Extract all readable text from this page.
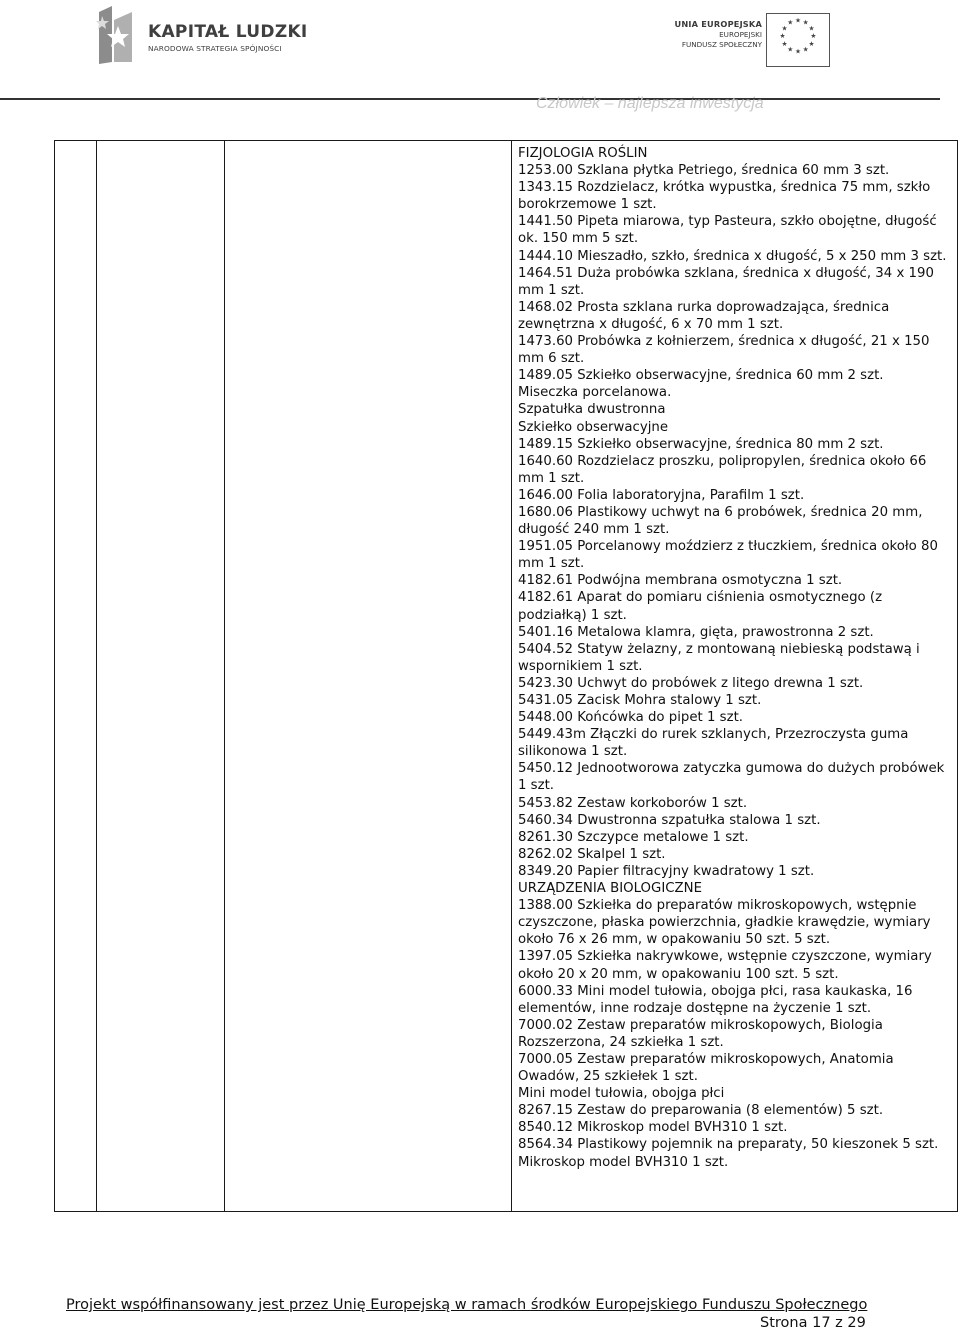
KAPITAŁ LUDZKI
NARODOWA STRATEGIA SPÓJNOŚCI
UNIA EUROPEJSKA
EUROPEJSKI
FUNDUSZ SPOŁECZNY
★ ★
★
★
★
★
★
★
★
★
★
★
Człowiek – najlepsza inwestycja
FIZJOLOGIA ROŚLIN
1253.00 Szklana płytka Petriego, średnica 60 mm 3 szt.
1343.15 Rozdzielacz, krótka wypustka, średnica 75 mm, szkło borokrzemowe 1 szt.
1441.50 Pipeta miarowa, typ Pasteura, szkło obojętne, długość ok. 150 mm 5 szt.
1444.10 Mieszadło, szkło, średnica x długość, 5 x 250 mm 3 szt.
1464.51 Duża probówka szklana, średnica x długość, 34 x 190 mm 1 szt.
1468.02 Prosta szklana rurka doprowadzająca, średnica zewnętrzna x długość, 6 x 70 mm 1 szt.
1473.60 Probówka z kołnierzem, średnica x długość, 21 x 150 mm 6 szt.
1489.05 Szkiełko obserwacyjne, średnica 60 mm 2 szt.
Miseczka porcelanowa.
Szpatułka dwustronna
Szkiełko obserwacyjne
1489.15 Szkiełko obserwacyjne, średnica 80 mm 2 szt.
1640.60 Rozdzielacz proszku, polipropylen, średnica około 66 mm 1 szt.
1646.00 Folia laboratoryjna, Parafilm 1 szt.
1680.06 Plastikowy uchwyt na 6 probówek, średnica 20 mm, długość 240 mm 1 szt.
1951.05 Porcelanowy moździerz z tłuczkiem, średnica około 80 mm 1 szt.
4182.61 Podwójna membrana osmotyczna 1 szt.
4182.61 Aparat do pomiaru ciśnienia osmotycznego (z podziałką) 1 szt.
5401.16 Metalowa klamra, gięta, prawostronna 2 szt.
5404.52 Statyw żelazny, z montowaną niebieską podstawą i wspornikiem 1 szt.
5423.30 Uchwyt do probówek z litego drewna 1 szt.
5431.05 Zacisk Mohra stalowy 1 szt.
5448.00 Końcówka do pipet 1 szt.
5449.43m Złączki do rurek szklanych, Przezroczysta guma silikonowa 1 szt.
5450.12 Jednootworowa zatyczka gumowa do dużych probówek 1 szt.
5453.82 Zestaw korkoborów 1 szt.
5460.34 Dwustronna szpatułka stalowa 1 szt.
8261.30 Szczypce metalowe 1 szt.
8262.02 Skalpel 1 szt.
8349.20 Papier filtracyjny kwadratowy 1 szt.
URZĄDZENIA BIOLOGICZNE
1388.00 Szkiełka do preparatów mikroskopowych, wstępnie czyszczone, płaska powierzchnia, gładkie krawędzie, wymiary około 76 x 26 mm, w opakowaniu 50 szt. 5 szt.
1397.05 Szkiełka nakrywkowe, wstępnie czyszczone, wymiary około 20 x 20 mm, w opakowaniu 100 szt. 5 szt.
6000.33 Mini model tułowia, obojga płci, rasa kaukaska, 16 elementów, inne rodzaje dostępne na życzenie 1 szt.
7000.02 Zestaw preparatów mikroskopowych, Biologia Rozszerzona, 24 szkiełka 1 szt.
7000.05 Zestaw preparatów mikroskopowych, Anatomia Owadów, 25 szkiełek 1 szt.
Mini model tułowia, obojga płci
8267.15 Zestaw do preparowania (8 elementów) 5 szt.
8540.12 Mikroskop model BVH310 1 szt.
8564.34 Plastikowy pojemnik na preparaty, 50 kieszonek 5 szt.
Mikroskop model BVH310 1 szt.
Projekt współfinansowany jest przez Unię Europejską w ramach środków Europejskiego Funduszu Społecznego
Strona 17 z 29
